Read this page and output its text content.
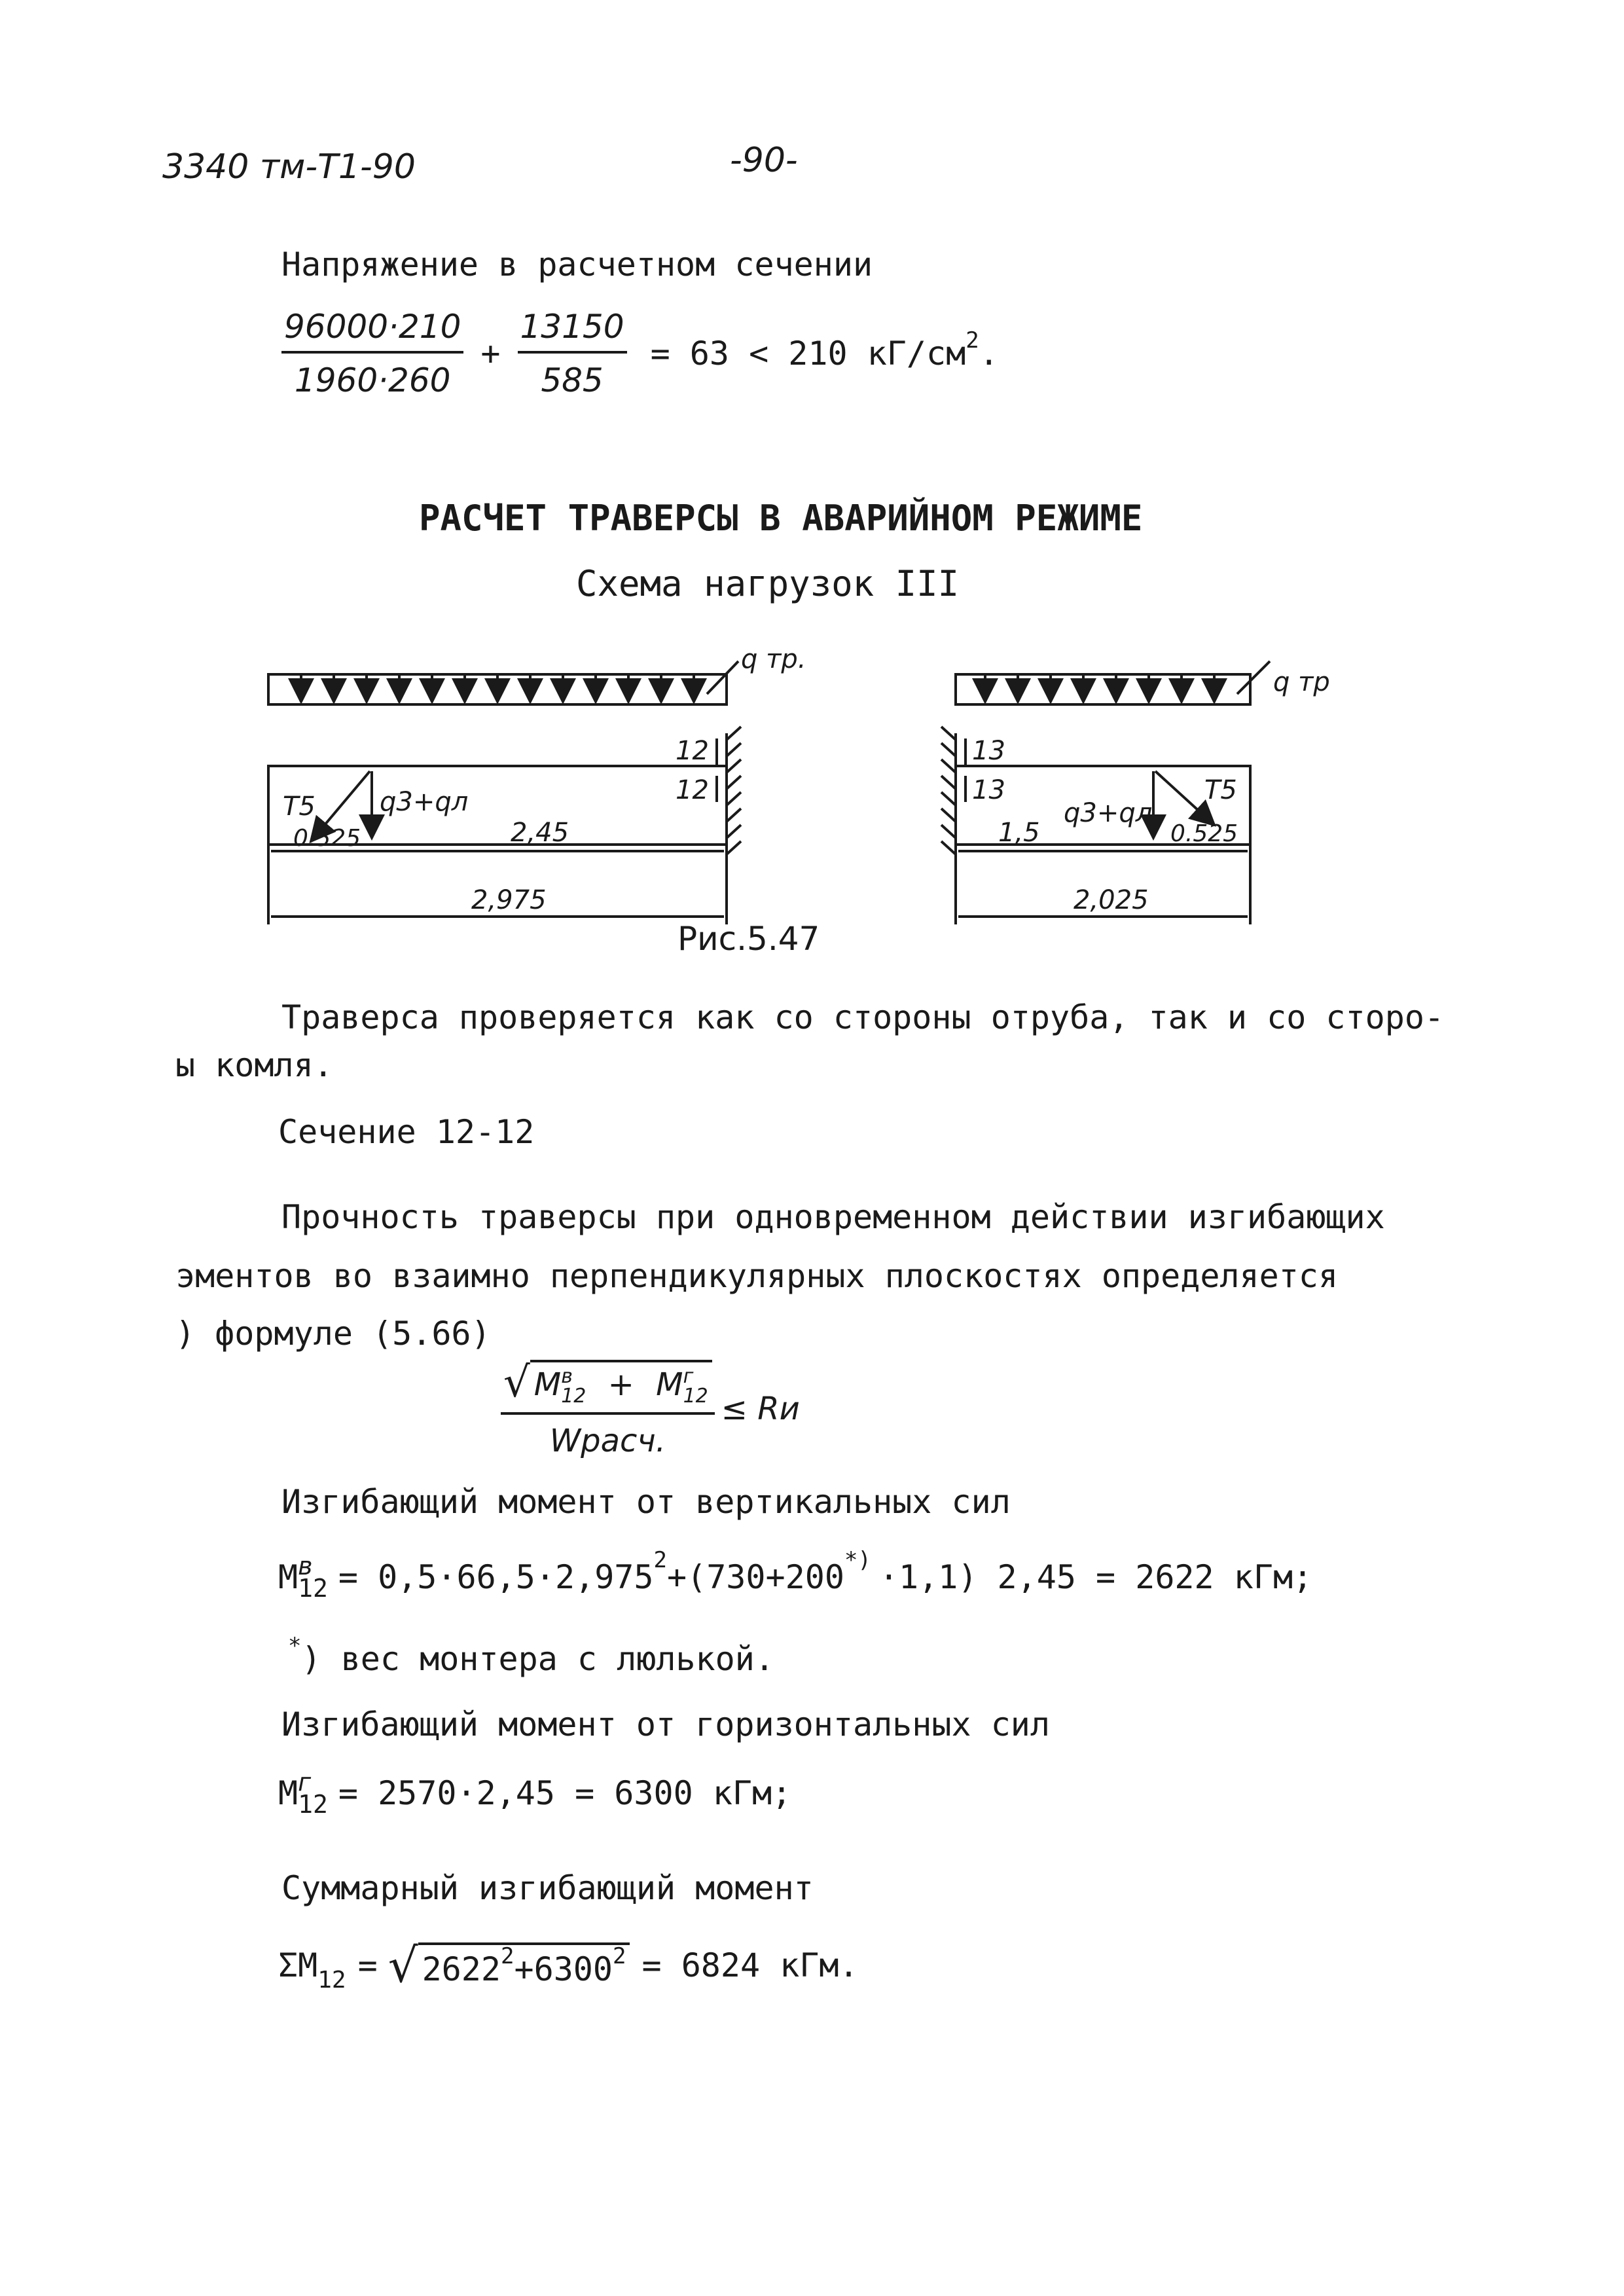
3340 тм-Т1-90	-90-
Напряжение в расчетном сечении
$\frac{96000\cdot 210}{1960\cdot 260} + \frac{13150}{585} = 63 < 210$ $кГ/см^2$.
РАСЧЕТ ТРАВЕРСЫ В АВАРИЙНОМ РЕЖИМЕ
Схема нагрузок III
q тр.
12
12
T5 q3+qл
0.525	2,45
2,975
q тр
13
13	T5
q3+qл
1,5	0.525
2,025
Рис.5.47
Траверса проверяется как со стороны отруба, так и со сторо-
ы комля.
Сечение 12-12
Прочность траверсы при одновременном действии изгибающих
эментов во взаимно перпендикулярных плоскостях определяется
) формуле (5.66)
√ M в
12 + M г
12
Wрасч. ≤ Rи
Изгибающий момент от вертикальных сил
M в
12 = 0,5·66,5·2,975 2 +(730+200 *) ·1,1) 2,45 = 2622 кГм;
*) вес монтера с люлькой.
Изгибающий момент от горизонтальных сил
M г
12 = 2570·2,45 = 6300 кГм;
Суммарный изгибающий момент
ΣM 12 = √ $2622^2+6300^2 = 6824$ кГм.
